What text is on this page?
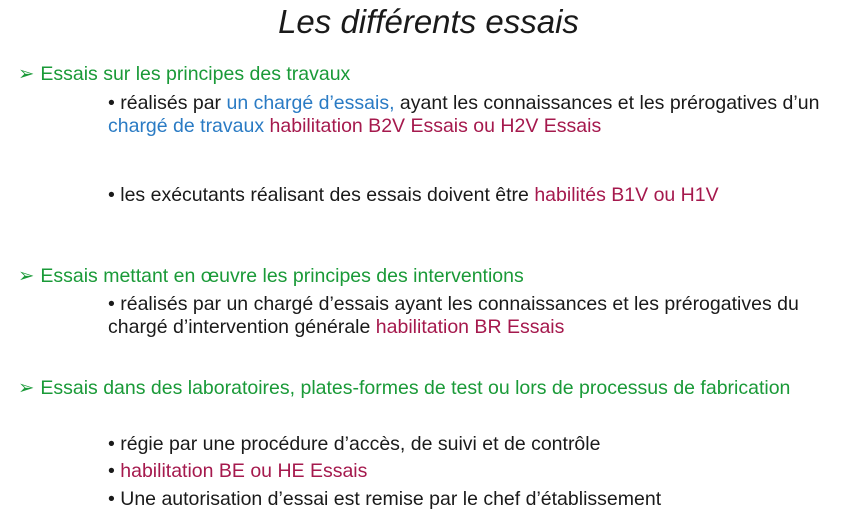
Les différents essais
➢ Essais sur les principes des travaux
• réalisés par un chargé d’essais, ayant les connaissances et les prérogatives d’un chargé de travaux habilitation B2V Essais ou H2V Essais
• les exécutants réalisant des essais doivent être habilités B1V ou H1V
➢ Essais mettant en œuvre les principes des interventions
• réalisés par un chargé d’essais ayant les connaissances et les prérogatives du chargé d’intervention générale habilitation BR Essais
➢ Essais dans des laboratoires, plates-formes de test ou lors de processus de fabrication
• régie par une procédure d’accès, de suivi et de contrôle
• habilitation BE ou HE Essais
• Une autorisation d’essai est remise par le chef d’établissement
